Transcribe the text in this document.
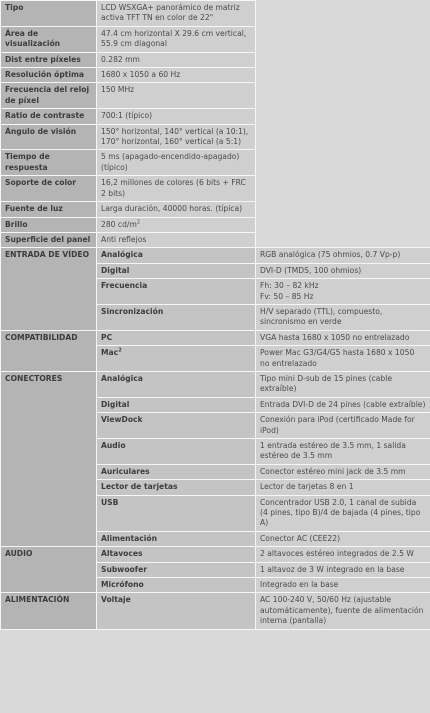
Tipo	LCD WSXGA+ panorámico de matriz activa TFT TN en color de 22"	
Área de visualización	47.4 cm horizontal X 29.6 cm vertical, 55.9 cm diagonal	
Dist entre píxeles	0.282 mm	
Resolución óptima	1680 x 1050 a 60 Hz	
Frecuencia del reloj de píxel	150 MHz	
Ratio de contraste	700:1 (típico)	
Ángulo de visión	150° horizontal, 140° vertical (a 10:1), 170° horizontal, 160° vertical (a 5:1)	
Tiempo de respuesta	5 ms (apagado-encendido-apagado) (típico)	
Soporte de color	16,2 millones de colores (6 bits + FRC 2 bits)	
Fuente de luz	Larga duración, 40000 horas. (típica)	
Brillo	280 $cd/m^2$	
Superficie del panel	Anti reflejos	
ENTRADA DE VÍDEO	Analógica	RGB analógica (75 ohmios, 0.7 Vp-p)
	Digital	DVI-D (TMDS, 100 ohmios)
	Frecuencia	Fh: 30 – 82 kHz
Fv: 50 – 85 Hz
	Sincronización	H/V separado (TTL), compuesto, sincronismo en verde
COMPATIBILIDAD	PC	VGA hasta 1680 x 1050 no entrelazado
	Mac$^2$	Power Mac G3/G4/G5 hasta 1680 x 1050 no entrelazado
CONECTORES	Analógica	Tipo mini D-sub de 15 pines (cable extraíble)
	Digital	Entrada DVI-D de 24 pines (cable extraíble)
	ViewDock	Conexión para iPod (certificado Made for iPod)
	Audio	1 entrada estéreo de 3.5 mm, 1 salida estéreo de 3.5 mm
	Auriculares	Conector estéreo mini jack de 3.5 mm
	Lector de tarjetas	Lector de tarjetas 8 en 1
	USB	Concentrador USB 2.0, 1 canal de subida (4 pines, tipo B)/4 de bajada (4 pines, tipo A)
	Alimentación	Conector AC (CEE22)
AUDIO	Altavoces	2 altavoces estéreo integrados de 2.5 W
	Subwoofer	1 altavoz de 3 W integrado en la base
	Micrófono	Integrado en la base
ALIMENTACIÓN	Voltaje	AC 100-240 V, 50/60 Hz (ajustable automáticamente), fuente de alimentación interna (pantalla)
